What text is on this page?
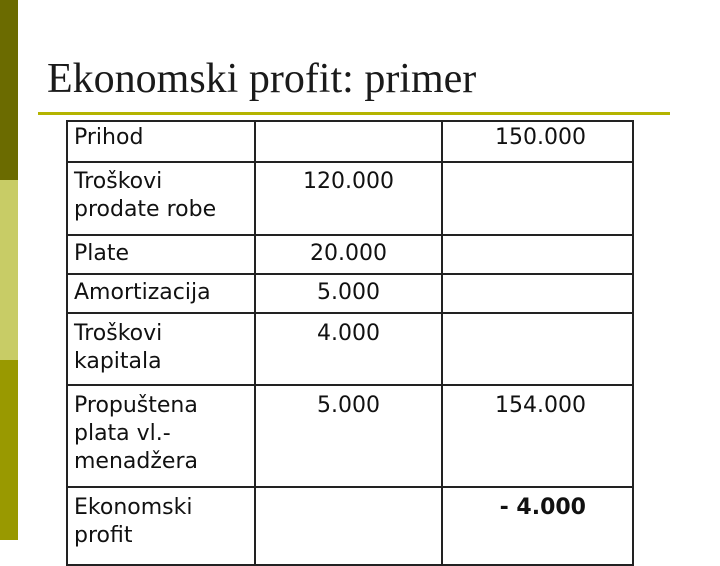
Ekonomski profit: primer
Prihod		150.000
Troškovi prodate robe	120.000	
Plate	20.000	
Amortizacija	5.000	
Troškovi kapitala	4.000	
Propuštena plata vl.-menadžera	5.000	154.000
Ekonomski profit		- 4.000
